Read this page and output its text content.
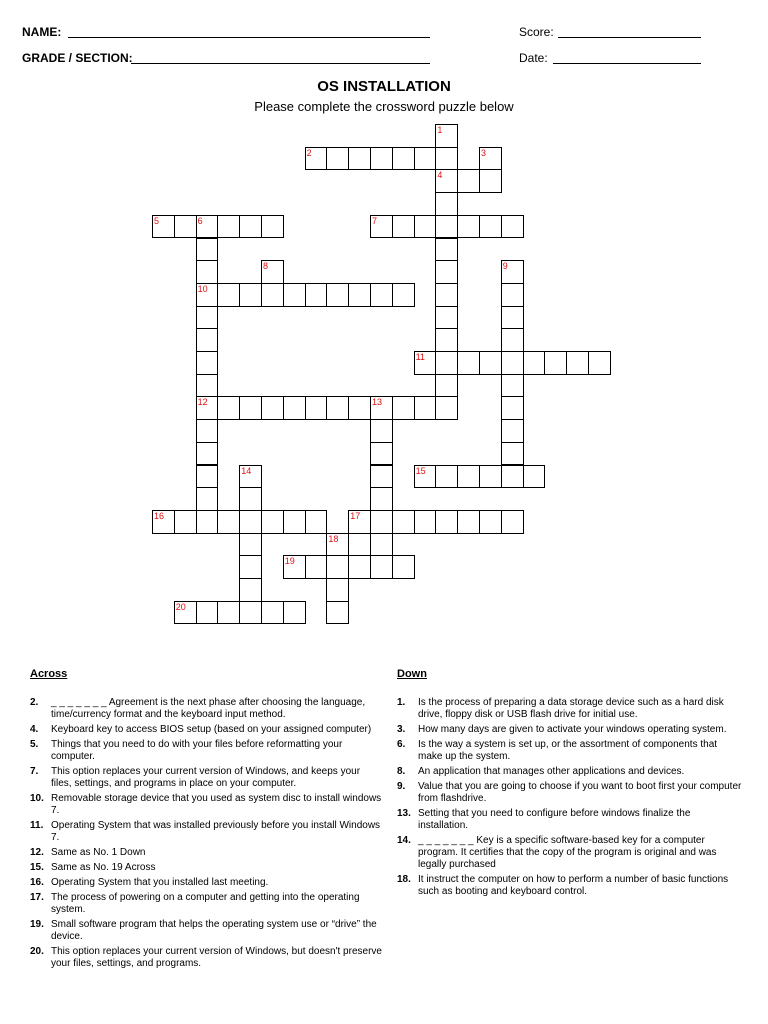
NAME:
GRADE / SECTION:
Score:
Date:
OS INSTALLATION
Please complete the crossword puzzle below
1
4
2	3
5	6
10
12
7
8	9
11
13
14	15
16	17
18
19
20
Across
2. _ _ _ _ _ _ _ Agreement is the next phase after choosing the language, time/currency format and the keyboard input method.
4. Keyboard key to access BIOS setup (based on your assigned computer)
5. Things that you need to do with your files before reformatting your computer.
7. This option replaces your current version of Windows, and keeps your files, settings, and programs in place on your computer.
10. Removable storage device that you used as system disc to install windows 7.
11. Operating System that was installed previously before you install Windows 7.
12. Same as No. 1 Down
15. Same as No. 19 Across
16. Operating System that you installed last meeting.
17. The process of powering on a computer and getting into the operating system.
19. Small software program that helps the operating system use or “drive” the device.
20. This option replaces your current version of Windows, but doesn't preserve your files, settings, and programs.
Down
1. Is the process of preparing a data storage device such as a hard disk drive, floppy disk or USB flash drive for initial use.
3. How many days are given to activate your windows operating system.
6. Is the way a system is set up, or the assortment of components that make up the system.
8. An application that manages other applications and devices.
9. Value that you are going to choose if you want to boot first your computer from flashdrive.
13. Setting that you need to configure before windows finalize the installation.
14. _ _ _ _ _ _ _ Key is a specific software-based key for a computer program. It certifies that the copy of the program is original and was legally purchased
18. It instruct the computer on how to perform a number of basic functions such as booting and keyboard control.
